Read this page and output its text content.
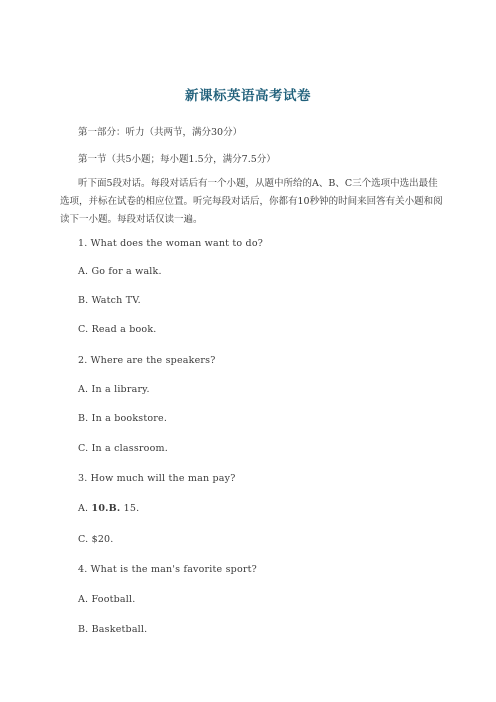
新课标英语高考试卷
第一部分：听力（共两节，满分30分）
第一节（共5小题；每小题1.5分，满分7.5分）
听下面5段对话。每段对话后有一个小题，从题中所给的A、B、C三个选项中选出最佳选项，并标在试卷的相应位置。听完每段对话后，你都有10秒钟的时间来回答有关小题和阅读下一小题。每段对话仅读一遍。
1. What does the woman want to do?
A. Go for a walk.
B. Watch TV.
C. Read a book.
2. Where are the speakers?
A. In a library.
B. In a bookstore.
C. In a classroom.
3. How much will the man pay?
A. 10.B. 15.
C. $20.
4. What is the man's favorite sport?
A. Football.
B. Basketball.
